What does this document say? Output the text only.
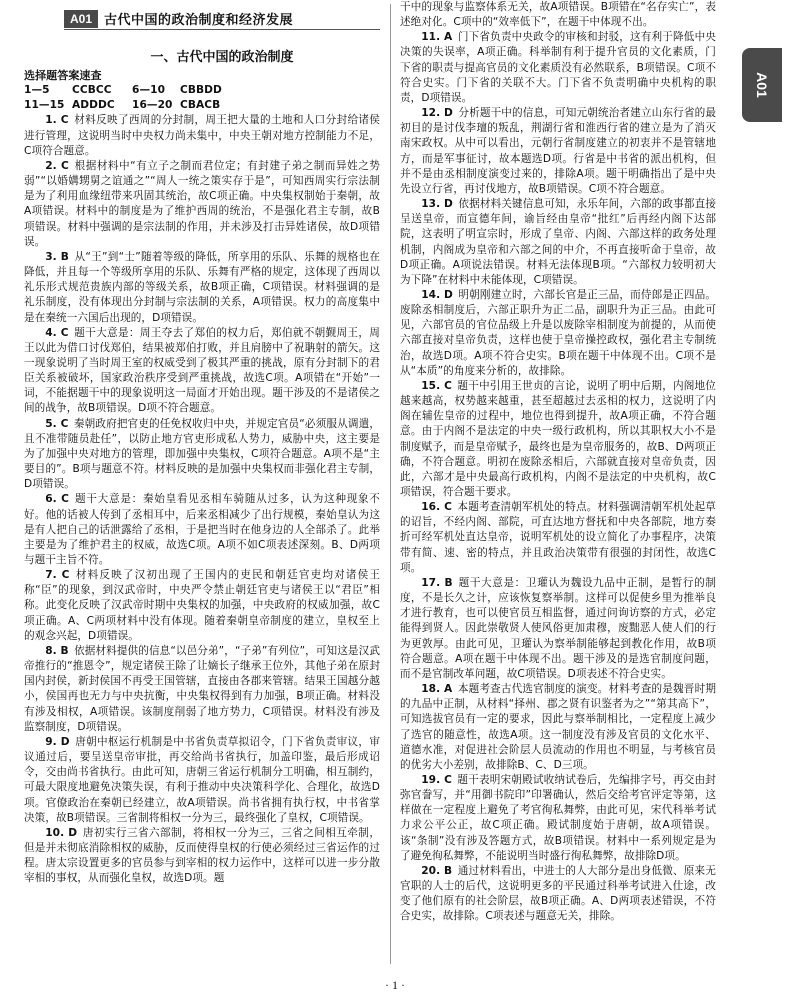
A01 古代中国的政治制度和经济发展
一、古代中国的政治制度
选择题答案速查
1—5 CCBCC 6—10 CBBDD
11—15 ADDDC 16—20 CBACB

1. C  材料反映了西周的分封制，周王把大量的土地和人口分封给诸侯进行管理，这说明当时中央权力尚未集中，中央王朝对地方控制能力不足，C项符合题意。

2. C  根据材料中“有立子之制而君位定；有封建子弟之制而异姓之势弱”“以婚媾甥舅之谊通之”“周人一统之策实存于是”，可知西周实行宗法制是为了利用血缘纽带来巩固其统治，故C项正确。中央集权制始于秦朝，故A项错误。材料中的制度是为了维护西周的统治，不是强化君主专制，故B项错误。材料中强调的是宗法制的作用，并未涉及打击异姓诸侯，故D项错误。

3. B  从“王”到“士”随着等级的降低，所享用的乐队、乐舞的规格也在降低，并且每一个等级所享用的乐队、乐舞有严格的规定，这体现了西周以礼乐形式规范贵族内部的等级关系，故B项正确，C项错误。材料强调的是礼乐制度，没有体现出分封制与宗法制的关系，A项错误。权力的高度集中是在秦统一六国后出现的，D项错误。

4. C  题干大意是：周王夺去了郑伯的权力后，郑伯就不朝觐周王，周王以此为借口讨伐郑伯，结果被郑伯打败，并且肩膀中了祝聃射的箭矢。这一现象说明了当时周王室的权威受到了极其严重的挑战，原有分封制下的君臣关系被破坏，国家政治秩序受到严重挑战，故选C项。A项错在“开始”一词，不能据题干中的现象说明这一局面才开始出现。题干涉及的不是诸侯之间的战争，故B项错误。D项不符合题意。

5. C  秦朝政府把官吏的任免权收归中央，并规定官员“必须服从调遣，且不准带随员赴任”，以防止地方官吏形成私人势力，威胁中央，这主要是为了加强中央对地方的管理，即加强中央集权，C项符合题意。A项不是“主要目的”。B项与题意不符。材料反映的是加强中央集权而非强化君主专制，D项错误。

6. C  题干大意是：秦始皇看见丞相车骑随从过多，认为这种现象不好。他的话被人传到了丞相耳中，后来丞相减少了出行规模，秦始皇认为这是有人把自己的话泄露给了丞相，于是把当时在他身边的人全部杀了。此举主要是为了维护君主的权威，故选C项。A项不如C项表述深刻。B、D两项与题干主旨不符。

7. C  材料反映了汉初出现了王国内的吏民和朝廷官吏均对诸侯王称“臣”的现象，到汉武帝时，中央严令禁止朝廷官吏与诸侯王以“君臣”相称。此变化反映了汉武帝时期中央集权的加强，中央政府的权威加强，故C项正确。A、C两项材料中没有体现。随着秦朝皇帝制度的建立，皇权至上的观念兴起，D项错误。

8. B  依据材料提供的信息“以邑分弟”，“子弟”有列位”，可知这是汉武帝推行的“推恩令”，规定诸侯王除了让嫡长子继承王位外，其他子弟在原封国内封侯，新封侯国不再受王国管辖，直接由各郡来管辖。结果王国越分越小，侯国再也无力与中央抗衡，中央集权得到有力加强，B项正确。材料没有涉及相权，A项错误。该制度削弱了地方势力，C项错误。材料没有涉及监察制度，D项错误。

9. D  唐朝中枢运行机制是中书省负责草拟诏令，门下省负责审议，审议通过后，要呈送皇帝审批，再交给尚书省执行，加盖印鉴，最后形成诏令，交由尚书省执行。由此可知，唐朝三省运行机制分工明确，相互制约，可最大限度地避免决策失误，有利于推动中央决策科学化、合理化，故选D项。官僚政治在秦朝已经建立，故A项错误。尚书省拥有执行权，中书省掌决策，故B项错误。三省制将相权一分为三，最终强化了皇权，C项错误。

10. D  唐初实行三省六部制，将相权一分为三，三省之间相互牵制，但是并未彻底消除相权的威胁，反而使得皇权的行使必须经过三省运作的过程。唐太宗设置更多的官员参与到宰相的权力运作中，这样可以进一步分散宰相的事权，从而强化皇权，故选D项。题

干中的现象与监察体系无关，故A项错误。B项错在“名存实亡”，表述绝对化。C项中的“效率低下”，在题干中体现不出。

11. A  门下省负责中央政令的审核和封驳，这有利于降低中央决策的失误率，A项正确。科举制有利于提升官员的文化素质，门下省的职责与提高官员的文化素质没有必然联系，B项错误。C项不符合史实。门下省的关联不大。门下省不负责明确中央机构的职责，D项错误。

12. D  分析题干中的信息，可知元朝统治者建立山东行省的最初目的是讨伐李璮的叛乱，荆湖行省和淮西行省的建立是为了消灭南宋政权。从中可以看出，元朝行省制度建立的初衷并不是管辖地方，而是军事征讨，故本题选D项。行省是中书省的派出机构，但并不是由丞相制度演变过来的，排除A项。题干明确指出了是中央先设立行省，再讨伐地方，故B项错误。C项不符合题意。

13. D  依据材料关键信息可知，永乐年间，六部的政事都直接呈送皇帝，而宣德年间，谕旨经由皇帝“批红”后再经内阁下达部院，这表明了明宣宗时，形成了皇帝、内阁、六部这样的政务处理机制，内阁成为皇帝和六部之间的中介，不再直接听命于皇帝，故D项正确。A项说法错误。材料无法体现B项。“六部权力较明初大为下降”在材料中未能体现，C项错误。

14. D  明朝刚建立时，六部长官是正三品，而侍郎是正四品。废除丞相制度后，六部正职升为正二品，副职升为正三品。由此可见，六部官员的官位品级上升是以废除宰相制度为前提的，从而使六部直接对皇帝负责，这样也使于皇帝操控政权，强化君主专制统治，故选D项。A项不符合史实。B项在题干中体现不出。C项不是从“本质”的角度来分析的，故排除。

15. C  题干中引用王世贞的言论，说明了明中后期，内阁地位越来越高，权势越来越重，甚至超越过去丞相的权力，这说明了内阁在辅佐皇帝的过程中，地位也得到提升，故A项正确，不符合题意。由于内阁不是法定的中央一级行政机构，所以其职权大小不是制度赋予，而是皇帝赋予，最终也是为皇帝服务的，故B、D两项正确，不符合题意。明初在废除丞相后，六部就直接对皇帝负责，因此，六部才是中央最高行政机构，内阁不是法定的中央机构，故C项错误，符合题干要求。

16. C  本题考查清朝军机处的特点。材料强调清朝军机处起草的诏旨，不经内阁、部院，可直达地方督抚和中央各部院，地方奏折可经军机处直达皇帝，说明军机处的设立简化了办事程序，决策带有简、速、密的特点，并且政治决策带有很强的封闭性，故选C项。

17. B  题干大意是：卫瓘认为魏设九品中正制，是暂行的制度，不是长久之计，应该恢复察举制。这样可以促使乡里为推举良才进行教育，也可以使官员互相监督，通过问询访察的方式，必定能得到贤人。因此崇敬贤人使风俗更加肃穆，废黜恶人使人们的行为更敦厚。由此可见，卫瓘认为察举制能够起到教化作用，故B项符合题意。A项在题干中体现不出。题干涉及的是选官制度问题，而不是官制改革问题，故C项错误。D项表述不符合史实。

18. A  本题考查古代选官制度的演变。材料考查的是魏晋时期的九品中正制，从材料“择州、郡之贤有识鉴者为之”“第其高下”，可知选拔官员有一定的要求，因此与察举制相比，一定程度上减少了选官的随意性，故选A项。这一制度没有涉及官员的文化水平、道德水准，对促进社会阶层人员流动的作用也不明显，与考核官员的优劣大小差别，故排除B、C、D三项。

19. C  题干表明宋朝殿试收纳试卷后，先编排字号，再交由封弥官誊写，并“用御书院印”印署确认，然后交给考官评定等第，这样做在一定程度上避免了考官徇私舞弊，由此可见，宋代科举考试力求公平公正，故C项正确。殿试制度始于唐朝，故A项错误。该“条制”没有涉及答题方式，故B项错误。材料中一系列规定是为了避免徇私舞弊，不能说明当时盛行徇私舞弊，故排除D项。

20. B  通过材料看出，中进士的人大部分是出身低微、原来无官职的人士的后代，这说明更多的平民通过科举考试进入仕途，改变了他们原有的社会阶层，故B项正确。A、D两项表述错误，不符合史实，故排除。C项表述与题意无关，排除。

A01
· 1 ·
